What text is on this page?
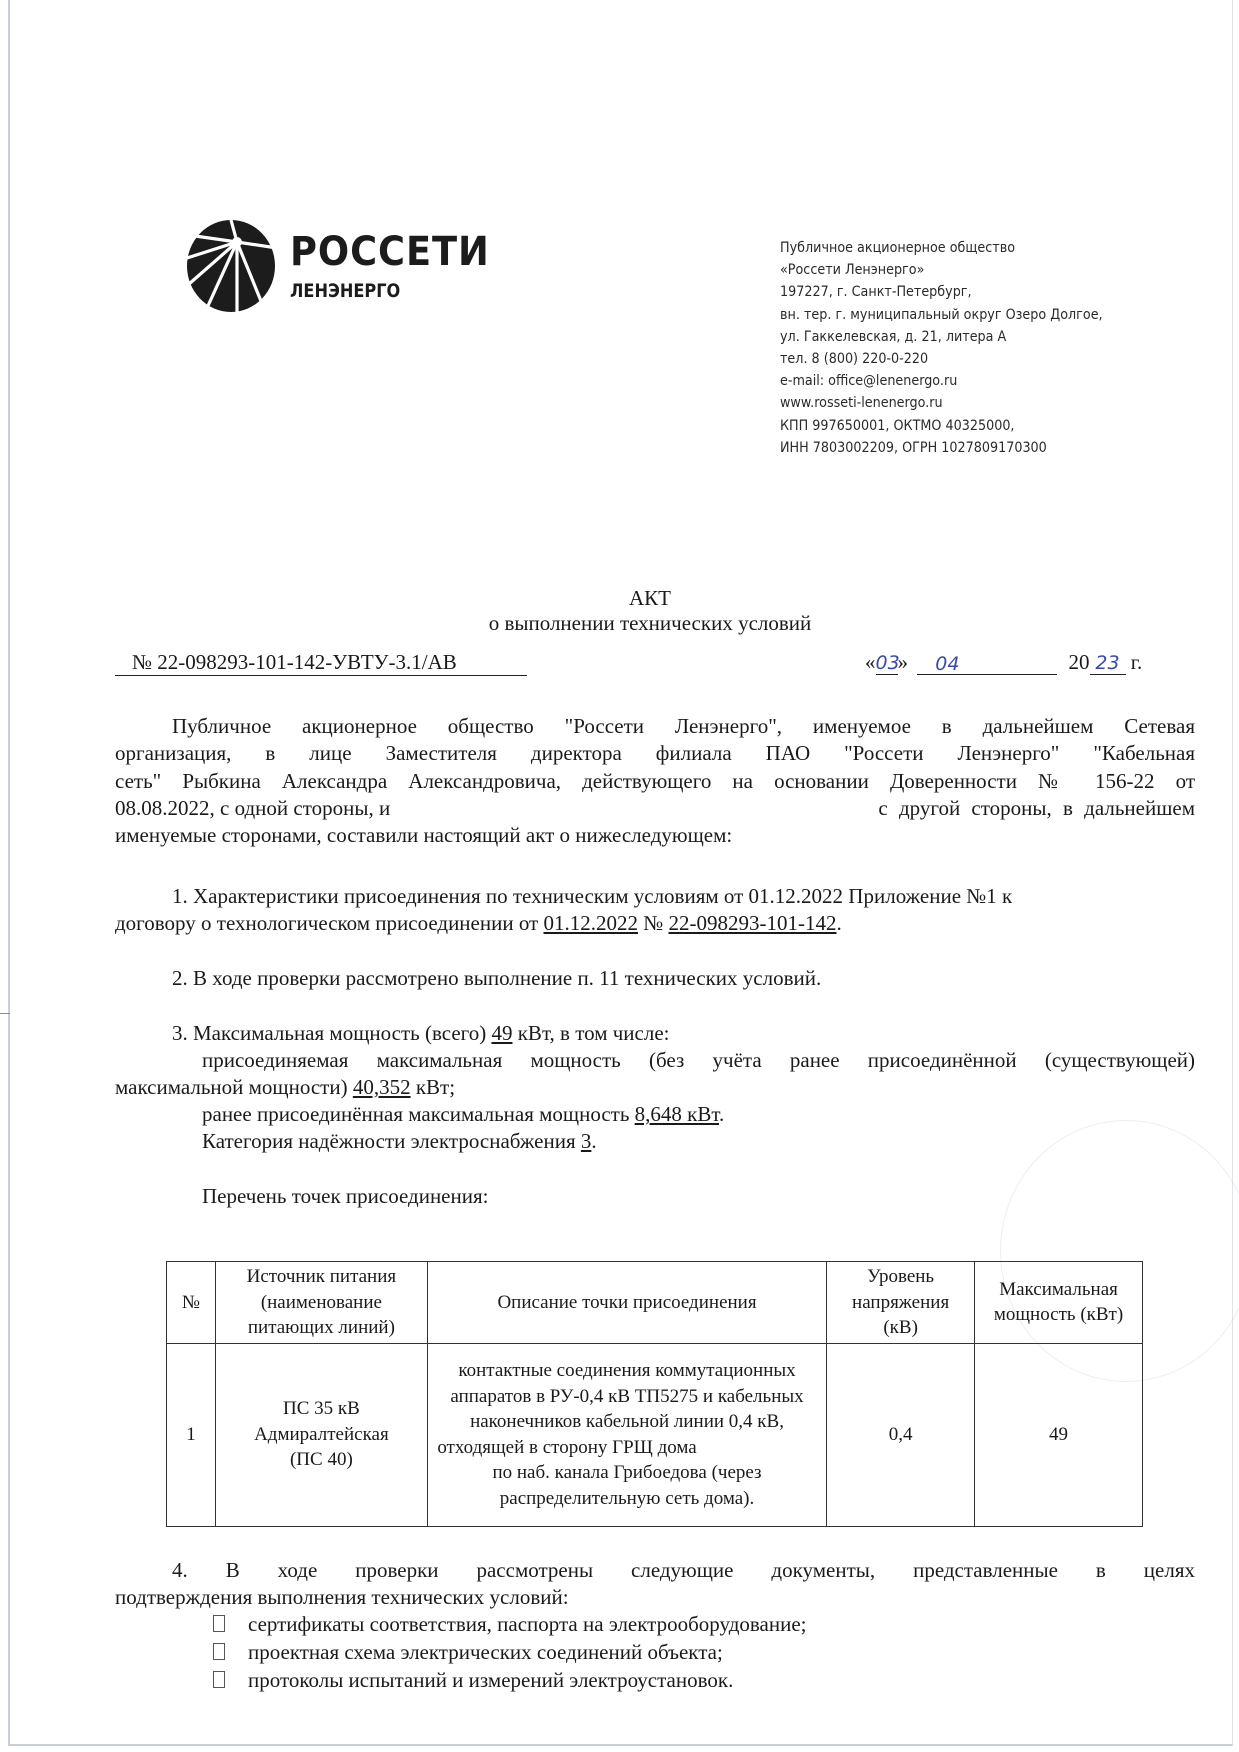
РОССЕТИ
ЛЕНЭНЕРГО
Публичное акционерное общество
«Россети Ленэнерго»
197227, г. Санкт-Петербург,
вн. тер. г. муниципальный округ Озеро Долгое,
ул. Гаккелевская, д. 21, литера А
тел. 8 (800) 220-0-220
e-mail: office@lenenergo.ru
www.rosseti-lenenergo.ru
КПП 997650001, ОКТМО 40325000,
ИНН 7803002209, ОГРН 1027809170300
АКТ
о выполнении технических условий
№ 22-098293-101-142-УВТУ-3.1/АВ	«03» 04	20 23 г.
Публичное акционерное общество "Россети Ленэнерго", именуемое в дальнейшем Сетевая
организация, в лице Заместителя директора филиала ПАО "Россети Ленэнерго" "Кабельная
сеть" Рыбкина Александра Александровича, действующего на основании Доверенности № 156-22 от
08.08.2022, с одной стороны, и	с другой стороны, в дальнейшем
именуемые сторонами, составили настоящий акт о нижеследующем:
1. Характеристики присоединения по техническим условиям от 01.12.2022 Приложение №1 к
договору о технологическом присоединении от 01.12.2022 № 22-098293-101-142.
2. В ходе проверки рассмотрено выполнение п. 11 технических условий.
3. Максимальная мощность (всего) 49 кВт, в том числе:
присоединяемая максимальная мощность (без учёта ранее присоединённой (существующей)
максимальной мощности) 40,352 кВт;
ранее присоединённая максимальная мощность 8,648 кВт.
Категория надёжности электроснабжения 3.
Перечень точек присоединения:
№	Источник питания (наименование питающих линий)	Описание точки присоединения	Уровень напряжения (кВ)	Максимальная мощность (кВт)
1	ПС 35 кВ Адмиралтейская (ПС 40)	контактные соединения коммутационных аппаратов в РУ-0,4 кВ ТП5275 и кабельных наконечников кабельной линии 0,4 кВ, отходящей в сторону ГРЩ домапо наб. канала Грибоедова (через распределительную сеть дома).	0,4	49
4. В ходе проверки рассмотрены следующие документы, представленные в целях
подтверждения выполнения технических условий:
сертификаты соответствия, паспорта на электрооборудование;
проектная схема электрических соединений объекта;
протоколы испытаний и измерений электроустановок.
